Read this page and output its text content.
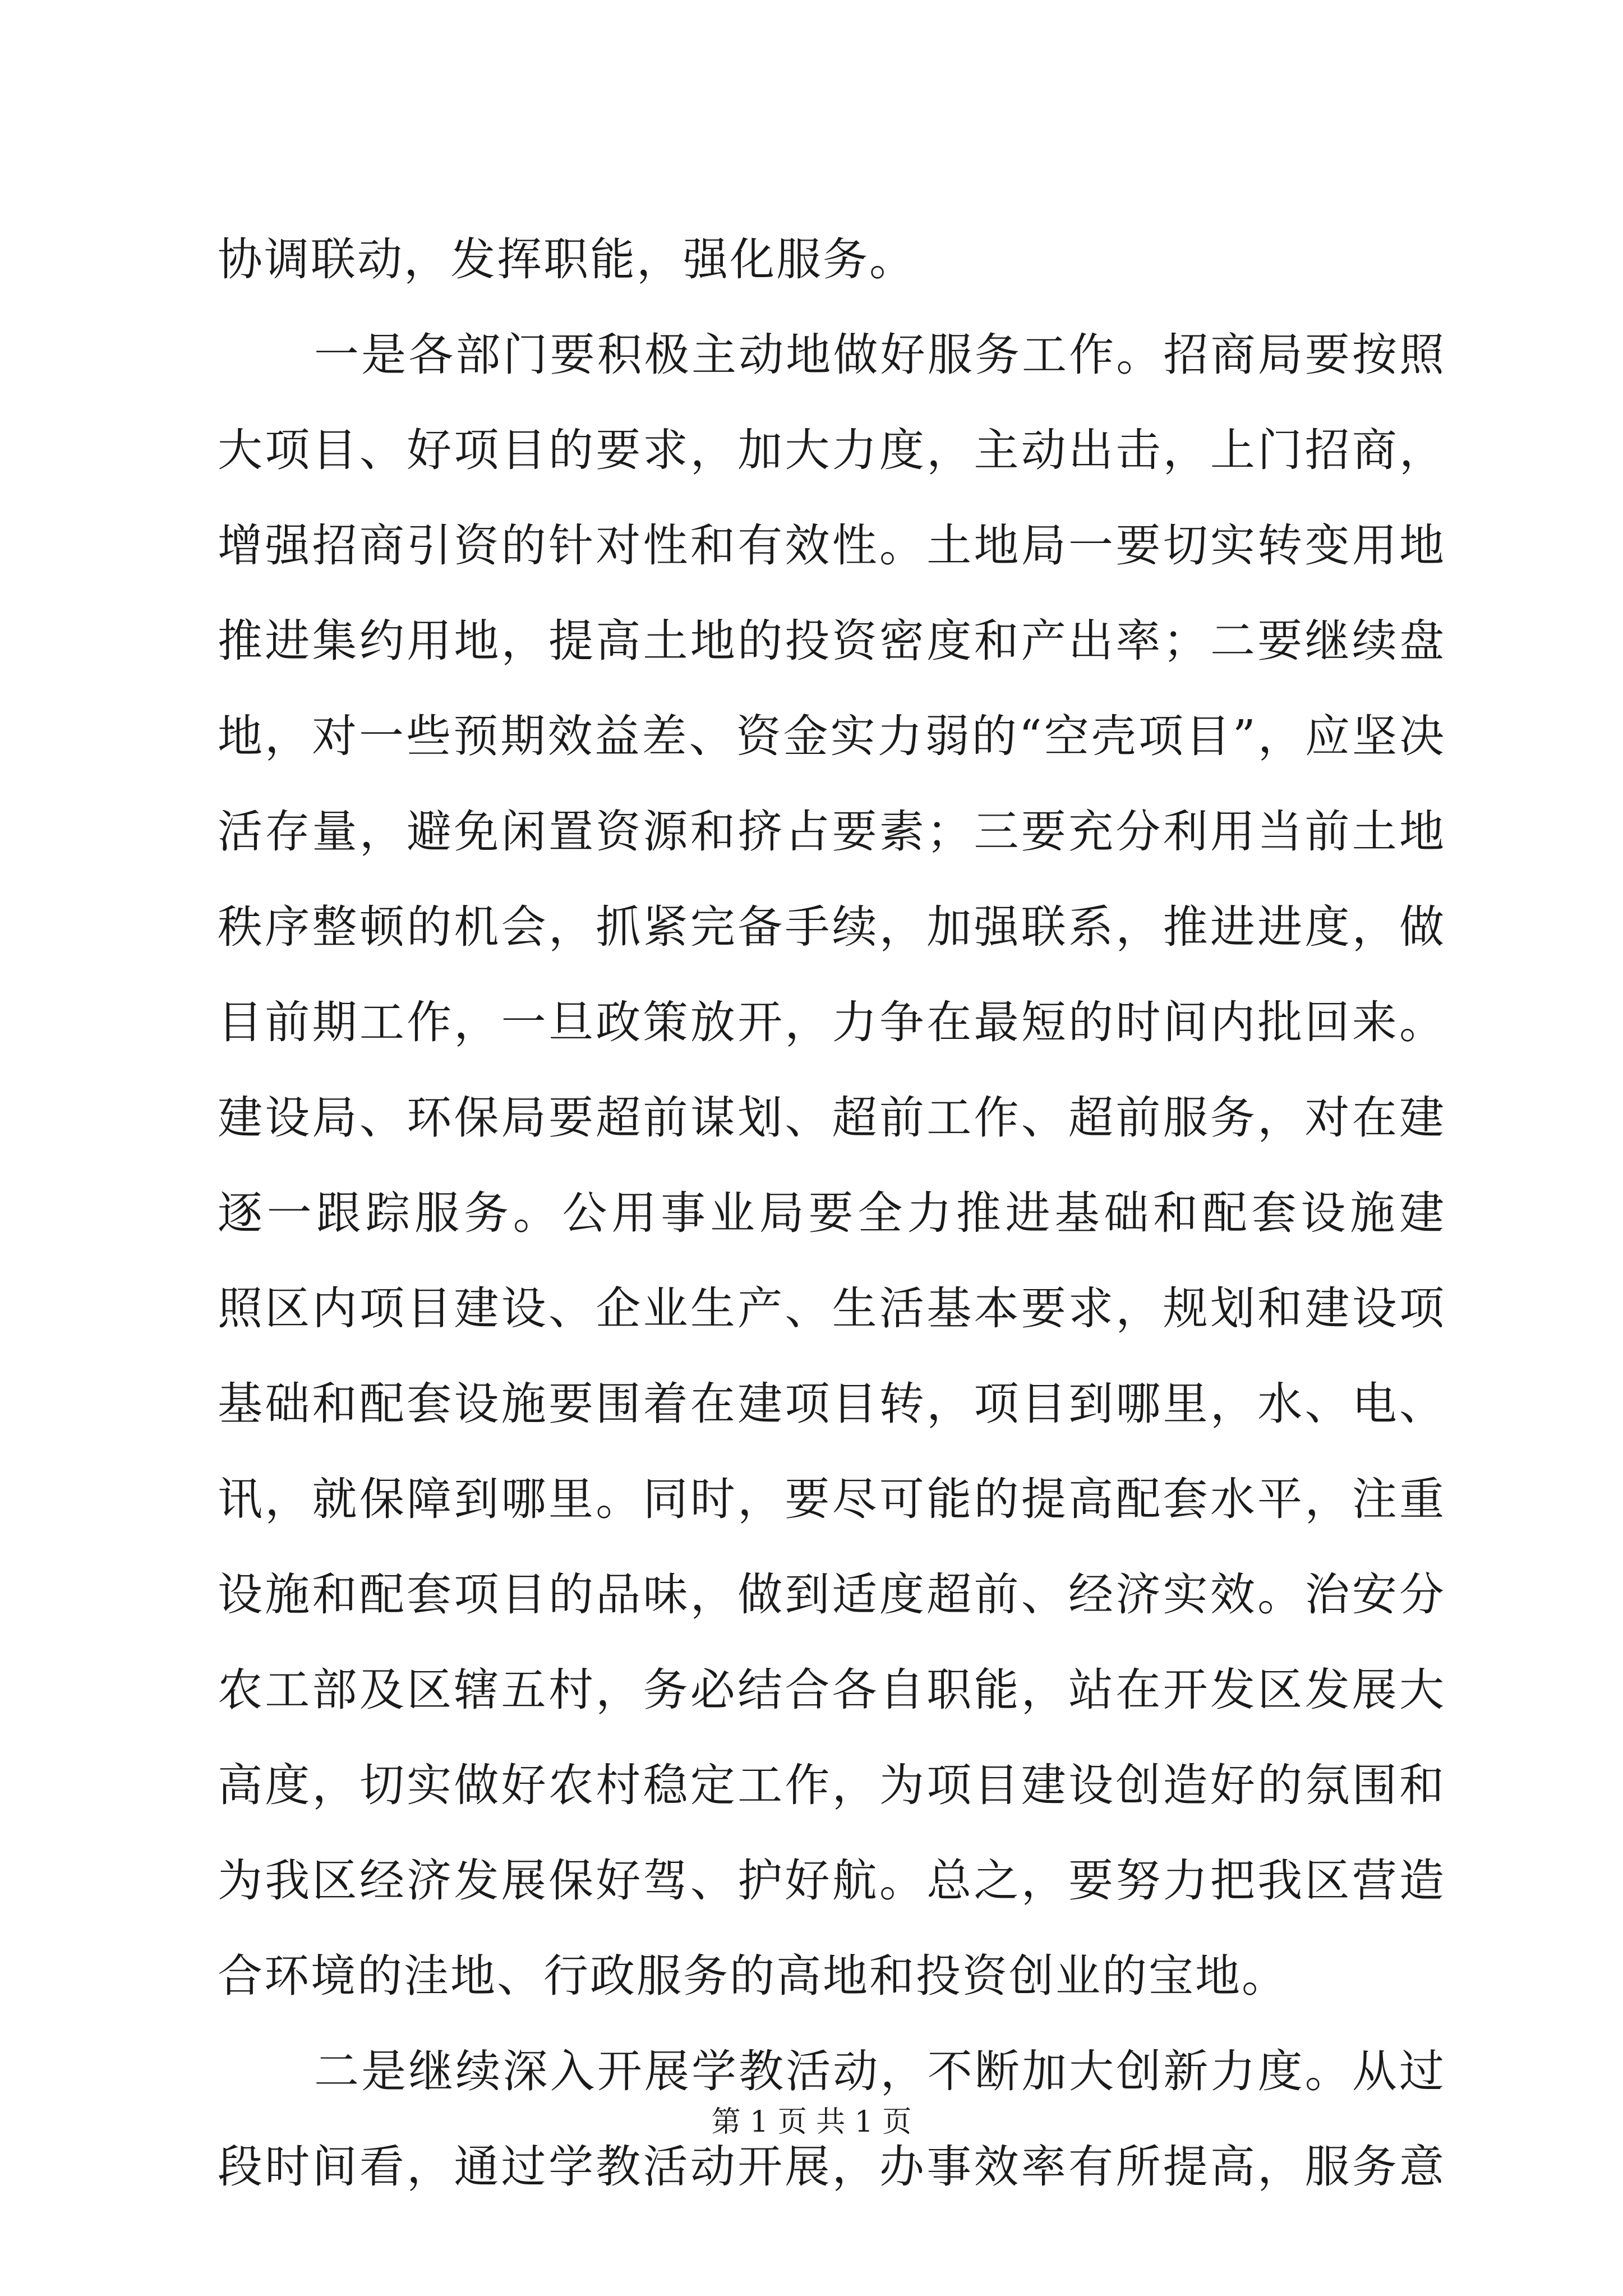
协调联动，发挥职能，强化服务。
一是各部门要积极主动地做好服务工作。招商局要按照
大项目、好项目的要求，加大力度，主动出击，上门招商，
增强招商引资的针对性和有效性。土地局一要切实转变用地
推进集约用地，提高土地的投资密度和产出率；二要继续盘
地，对一些预期效益差、资金实力弱的“空壳项目”，应坚决
活存量，避免闲置资源和挤占要素；三要充分利用当前土地
秩序整顿的机会，抓紧完备手续，加强联系，推进进度，做
目前期工作，一旦政策放开，力争在最短的时间内批回来。
建设局、环保局要超前谋划、超前工作、超前服务，对在建
逐一跟踪服务。公用事业局要全力推进基础和配套设施建
照区内项目建设、企业生产、生活基本要求，规划和建设项
基础和配套设施要围着在建项目转，项目到哪里，水、电、
讯，就保障到哪里。同时，要尽可能的提高配套水平，注重
设施和配套项目的品味，做到适度超前、经济实效。治安分
农工部及区辖五村，务必结合各自职能，站在开发区发展大
高度，切实做好农村稳定工作，为项目建设创造好的氛围和
为我区经济发展保好驾、护好航。总之，要努力把我区营造
合环境的洼地、行政服务的高地和投资创业的宝地。
二是继续深入开展学教活动，不断加大创新力度。从过
段时间看，通过学教活动开展，办事效率有所提高，服务意
第 1 页 共 1 页
